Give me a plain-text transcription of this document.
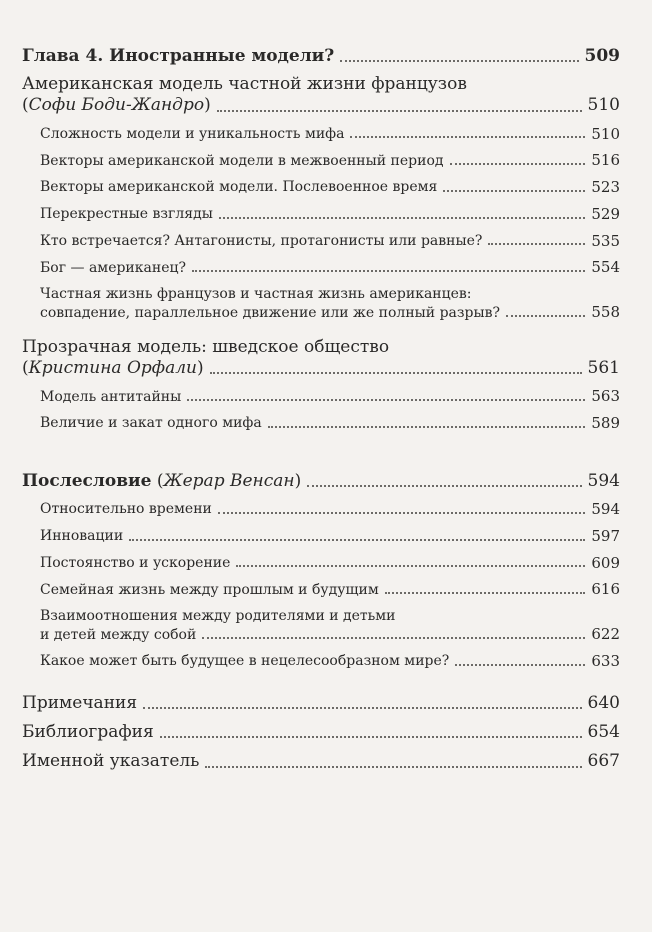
Глава 4. Иностранные модели?	509
Американская модель частной жизни французов
(Софи Боди-Жандро)	510
Сложность модели и уникальность мифа	510
Векторы американской модели в межвоенный период	516
Векторы американской модели. Послевоенное время	523
Перекрестные взгляды	529
Кто встречается? Антагонисты, протагонисты или равные?	535
Бог — американец?	554
Частная жизнь французов и частная жизнь американцев:
совпадение, параллельное движение или же полный разрыв?	558
Прозрачная модель: шведское общество
(Кристина Орфали)	561
Модель антитайны	563
Величие и закат одного мифа	589
Послесловие (Жерар Венсан)	594
Относительно времени	594
Инновации	597
Постоянство и ускорение	609
Семейная жизнь между прошлым и будущим	616
Взаимоотношения между родителями и детьми
и детей между собой	622
Какое может быть будущее в нецелесообразном мире?	633
Примечания	640
Библиография	654
Именной указатель	667
